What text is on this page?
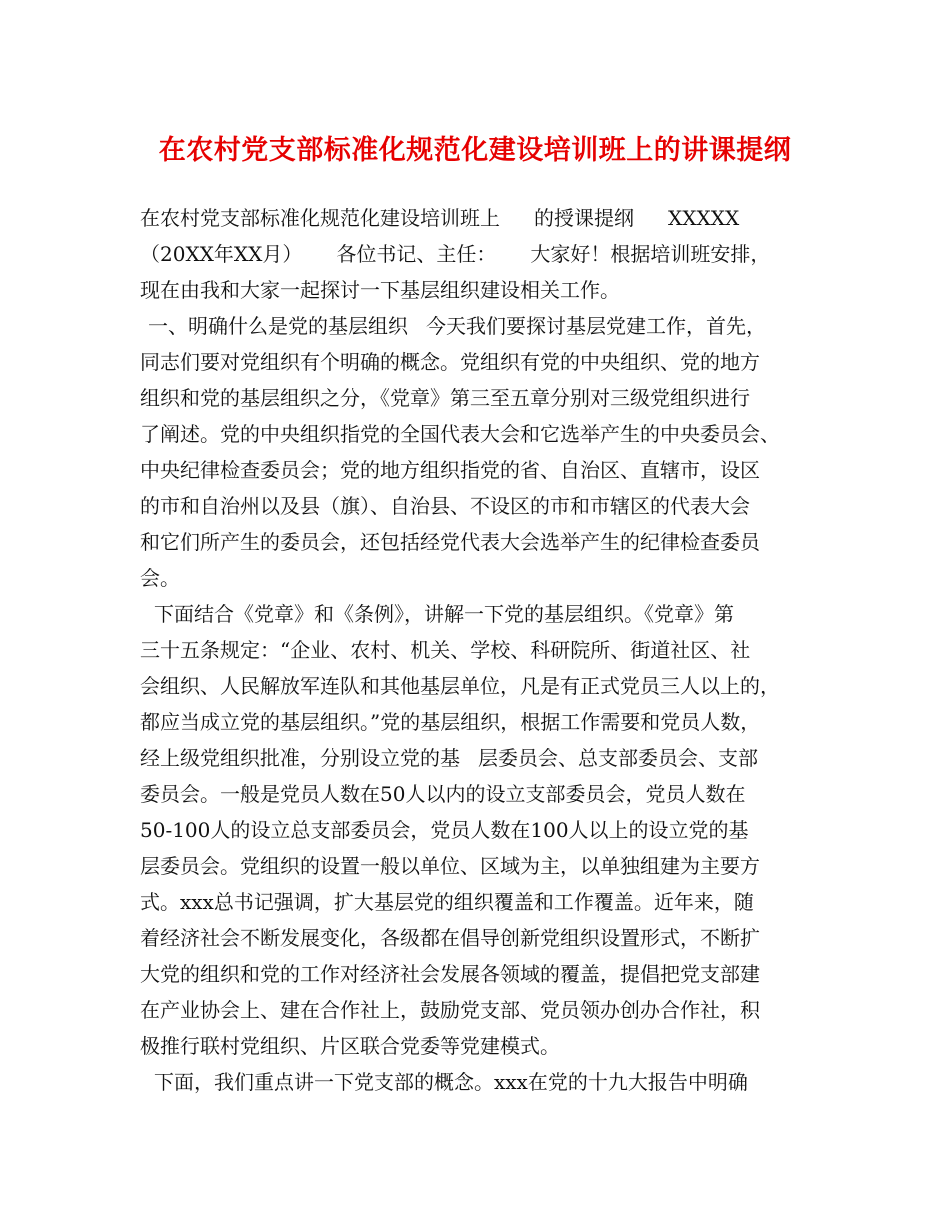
在农村党支部标准化规范化建设培训班上的讲课提纲
在农村党支部标准化规范化建设培训班上 的授课提纲 XXXXX
（20XX年XX月） 各位书记、主任： 大家好！根据培训班安排，
现在由我和大家一起探讨一下基层组织建设相关工作。
一、明确什么是党的基层组织 今天我们要探讨基层党建工作，首先，
同志们要对党组织有个明确的概念。党组织有党的中央组织、党的地方
组织和党的基层组织之分，《党章》第三至五章分别对三级党组织进行
了阐述。党的中央组织指党的全国代表大会和它选举产生的中央委员会、
中央纪律检查委员会；党的地方组织指党的省、自治区、直辖市，设区
的市和自治州以及县（旗）、自治县、不设区的市和市辖区的代表大会
和它们所产生的委员会，还包括经党代表大会选举产生的纪律检查委员
会。
下面结合《党章》和《条例》，讲解一下党的基层组织。《党章》第
三十五条规定：“企业、农村、机关、学校、科研院所、街道社区、社
会组织、人民解放军连队和其他基层单位，凡是有正式党员三人以上的，
都应当成立党的基层组织。”党的基层组织，根据工作需要和党员人数，
经上级党组织批准，分别设立党的基 层委员会、总支部委员会、支部
委员会。一般是党员人数在50人以内的设立支部委员会，党员人数在
50-100人的设立总支部委员会，党员人数在100人以上的设立党的基
层委员会。党组织的设置一般以单位、区域为主，以单独组建为主要方
式。xxx总书记强调，扩大基层党的组织覆盖和工作覆盖。近年来，随
着经济社会不断发展变化，各级都在倡导创新党组织设置形式，不断扩
大党的组织和党的工作对经济社会发展各领域的覆盖，提倡把党支部建
在产业协会上、建在合作社上，鼓励党支部、党员领办创办合作社，积
极推行联村党组织、片区联合党委等党建模式。
下面，我们重点讲一下党支部的概念。xxx在党的十九大报告中明确
